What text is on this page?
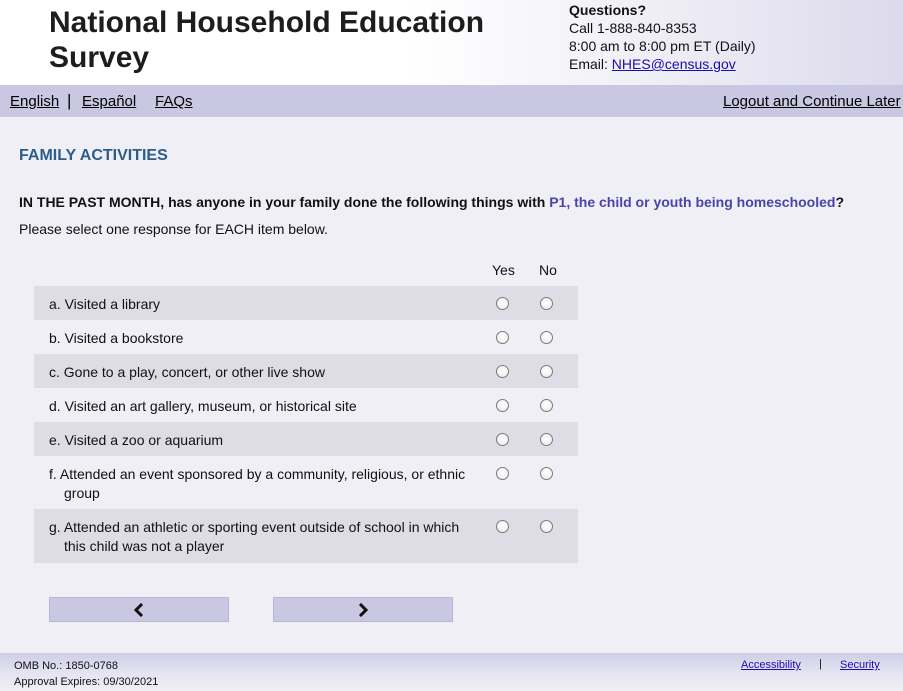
National Household Education Survey
Questions?
Call 1-888-840-8353
8:00 am to 8:00 pm ET (Daily)
Email: NHES@census.gov
English | Español FAQs	Logout and Continue Later
FAMILY ACTIVITIES
IN THE PAST MONTH, has anyone in your family done the following things with P1, the child or youth being homeschooled?
Please select one response for EACH item below.
Yes No
a. Visited a library
b. Visited a bookstore
c. Gone to a play, concert, or other live show
d. Visited an art gallery, museum, or historical site
e. Visited a zoo or aquarium
f. Attended an event sponsored by a community, religious, or ethnic
group
g. Attended an athletic or sporting event outside of school in which
this child was not a player
OMB No.: 1850-0768
Approval Expires: 09/30/2021
Accessibility | Security
